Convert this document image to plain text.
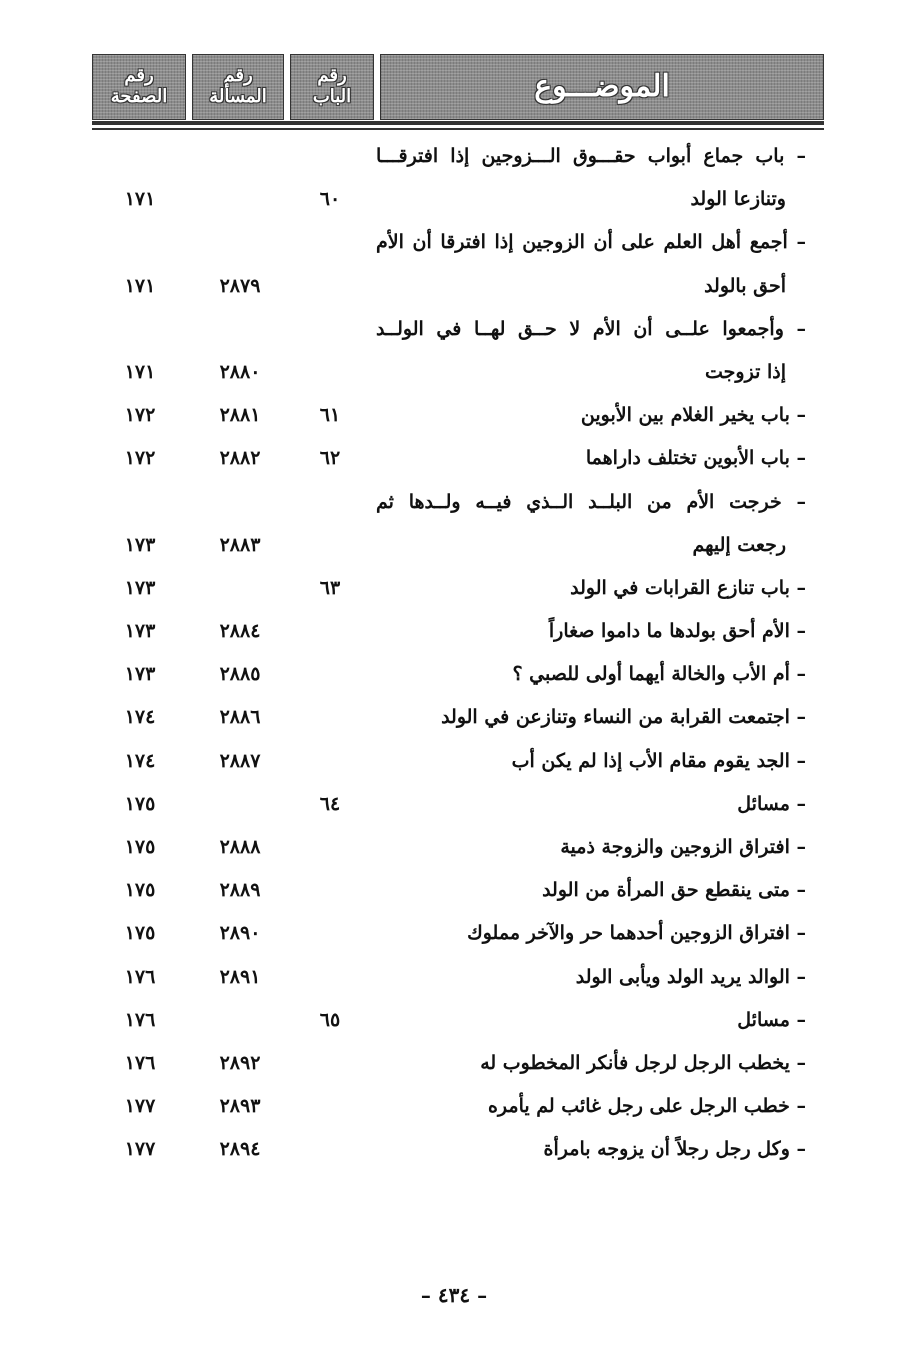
الموضـــوع
رقم
الباب
رقم
المسألة
رقم
الصفحة
– باب جماع أبواب حقـــوق الـــزوجين إذا افترقـــا
وتنازعا الولد
٦٠
١٧١
– أجمع أهل العلم على أن الزوجين إذا افترقا أن الأم
أحق بالولد
٢٨٧٩
١٧١
– وأجمعوا علــى أن الأم لا حــق لهــا في الولــد
إذا تزوجت
٢٨٨٠
١٧١
– باب يخير الغلام بين الأبوين
٦١
٢٨٨١
١٧٢
– باب الأبوين تختلف داراهما
٦٢
٢٨٨٢
١٧٢
– خرجت الأم من البلــد الــذي فيــه ولــدها ثم
رجعت إليهم
٢٨٨٣
١٧٣
– باب تنازع القرابات في الولد
٦٣
١٧٣
– الأم أحق بولدها ما داموا صغاراً
٢٨٨٤
١٧٣
– أم الأب والخالة أيهما أولى للصبي ؟
٢٨٨٥
١٧٣
– اجتمعت القرابة من النساء وتنازعن في الولد
٢٨٨٦
١٧٤
– الجد يقوم مقام الأب إذا لم يكن أب
٢٨٨٧
١٧٤
– مسائل
٦٤
١٧٥
– افتراق الزوجين والزوجة ذمية
٢٨٨٨
١٧٥
– متى ينقطع حق المرأة من الولد
٢٨٨٩
١٧٥
– افتراق الزوجين أحدهما حر والآخر مملوك
٢٨٩٠
١٧٥
– الوالد يريد الولد ويأبى الولد
٢٨٩١
١٧٦
– مسائل
٦٥
١٧٦
– يخطب الرجل لرجل فأنكر المخطوب له
٢٨٩٢
١٧٦
– خطب الرجل على رجل غائب لم يأمره
٢٨٩٣
١٧٧
– وكل رجل رجلاً أن يزوجه بامرأة
٢٨٩٤
١٧٧
– ٤٣٤ –
